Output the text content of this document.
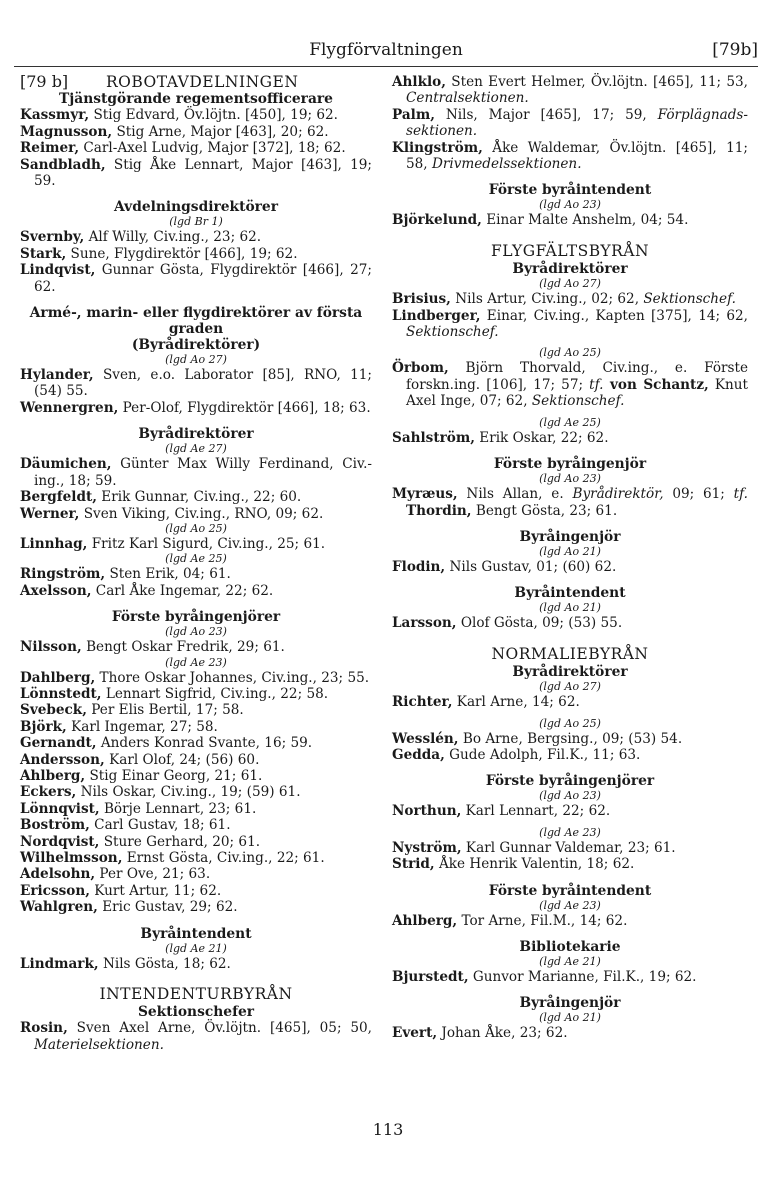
Flygförvaltningen	[79b]
[79 b]	ROBOTAVDELNINGEN
Tjänstgörande regementsofficerare
Kassmyr, Stig Edvard, Öv.löjtn. [450], 19; 62.
Magnusson, Stig Arne, Major [463], 20; 62.
Reimer, Carl-Axel Ludvig, Major [372], 18; 62.
Sandbladh, Stig Åke Lennart, Major [463], 19; 59.
Avdelningsdirektörer
(lgd Br 1)
Svernby, Alf Willy, Civ.ing., 23; 62.
Stark, Sune, Flygdirektör [466], 19; 62.
Lindqvist, Gunnar Gösta, Flygdirektör [466], 27; 62.
Armé-, marin- eller flygdirektörer av första graden
(Byrådirektörer)
(lgd Ao 27)
Hylander, Sven, e.o. Laborator [85], RNO, 11; (54) 55.
Wennergren, Per-Olof, Flygdirektör [466], 18; 63.
Byrådirektörer
(lgd Ae 27)
Däumichen, Günter Max Willy Ferdinand, Civ.-ing., 18; 59.
Bergfeldt, Erik Gunnar, Civ.ing., 22; 60.
Werner, Sven Viking, Civ.ing., RNO, 09; 62.
(lgd Ao 25)
Linnhag, Fritz Karl Sigurd, Civ.ing., 25; 61.
(lgd Ae 25)
Ringström, Sten Erik, 04; 61.
Axelsson, Carl Åke Ingemar, 22; 62.
Förste byråingenjörer
(lgd Ao 23)
Nilsson, Bengt Oskar Fredrik, 29; 61.
(lgd Ae 23)
Dahlberg, Thore Oskar Johannes, Civ.ing., 23; 55.
Lönnstedt, Lennart Sigfrid, Civ.ing., 22; 58.
Svebeck, Per Elis Bertil, 17; 58.
Björk, Karl Ingemar, 27; 58.
Gernandt, Anders Konrad Svante, 16; 59.
Andersson, Karl Olof, 24; (56) 60.
Ahlberg, Stig Einar Georg, 21; 61.
Eckers, Nils Oskar, Civ.ing., 19; (59) 61.
Lönnqvist, Börje Lennart, 23; 61.
Boström, Carl Gustav, 18; 61.
Nordqvist, Sture Gerhard, 20; 61.
Wilhelmsson, Ernst Gösta, Civ.ing., 22; 61.
Adelsohn, Per Ove, 21; 63.
Ericsson, Kurt Artur, 11; 62.
Wahlgren, Eric Gustav, 29; 62.
Byråintendent
(lgd Ae 21)
Lindmark, Nils Gösta, 18; 62.
INTENDENTURBYRÅN
Sektionschefer
Rosin, Sven Axel Arne, Öv.löjtn. [465], 05; 50, Materielsektionen.
Ahlklo, Sten Evert Helmer, Öv.löjtn. [465], 11; 53, Centralsektionen.
Palm, Nils, Major [465], 17; 59, Förplägnads-sektionen.
Klingström, Åke Waldemar, Öv.löjtn. [465], 11; 58, Drivmedelssektionen.
Förste byråintendent
(lgd Ao 23)
Björkelund, Einar Malte Anshelm, 04; 54.
FLYGFÄLTSBYRÅN
Byrådirektörer
(lgd Ao 27)
Brisius, Nils Artur, Civ.ing., 02; 62, Sektionschef.
Lindberger, Einar, Civ.ing., Kapten [375], 14; 62, Sektionschef.
(lgd Ao 25)
Örbom, Björn Thorvald, Civ.ing., e. Förste forskn.ing. [106], 17; 57; tf. von Schantz, Knut Axel Inge, 07; 62, Sektionschef.
(lgd Ae 25)
Sahlström, Erik Oskar, 22; 62.
Förste byråingenjör
(lgd Ao 23)
Myræus, Nils Allan, e. Byrådirektör, 09; 61; tf. Thordin, Bengt Gösta, 23; 61.
Byråingenjör
(lgd Ao 21)
Flodin, Nils Gustav, 01; (60) 62.
Byråintendent
(lgd Ao 21)
Larsson, Olof Gösta, 09; (53) 55.
NORMALIEBYRÅN
Byrådirektörer
(lgd Ao 27)
Richter, Karl Arne, 14; 62.
(lgd Ao 25)
Wesslén, Bo Arne, Bergsing., 09; (53) 54.
Gedda, Gude Adolph, Fil.K., 11; 63.
Förste byråingenjörer
(lgd Ao 23)
Northun, Karl Lennart, 22; 62.
(lgd Ae 23)
Nyström, Karl Gunnar Valdemar, 23; 61.
Strid, Åke Henrik Valentin, 18; 62.
Förste byråintendent
(lgd Ae 23)
Ahlberg, Tor Arne, Fil.M., 14; 62.
Bibliotekarie
(lgd Ae 21)
Bjurstedt, Gunvor Marianne, Fil.K., 19; 62.
Byråingenjör
(lgd Ao 21)
Evert, Johan Åke, 23; 62.
113
